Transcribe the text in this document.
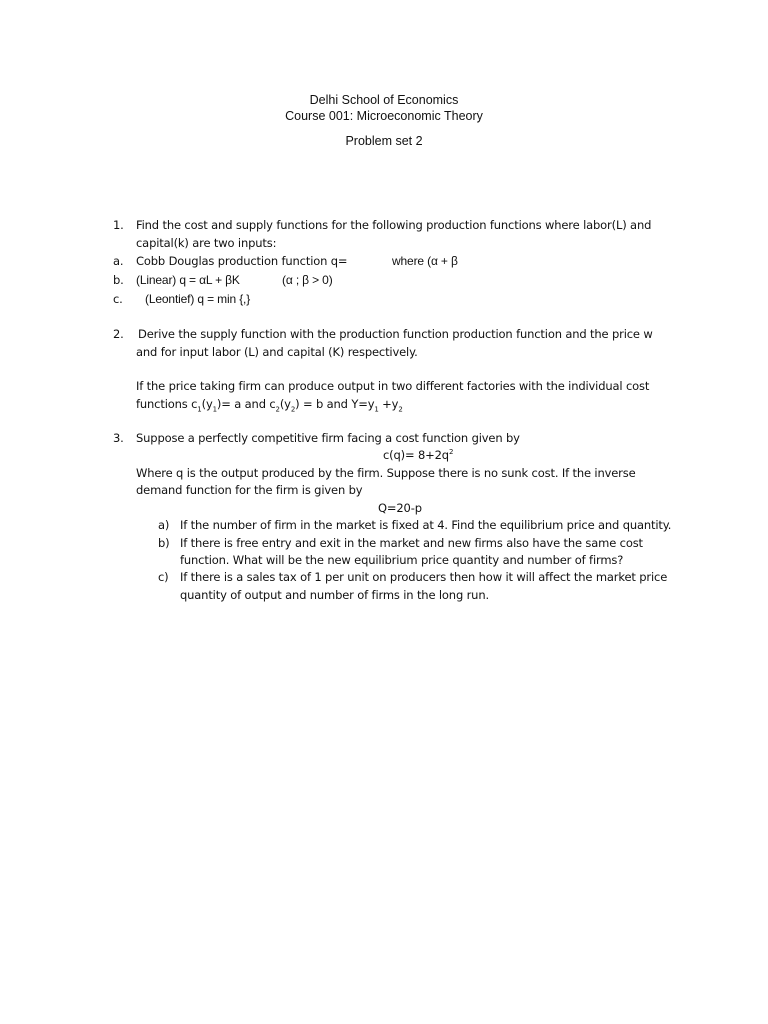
Delhi School of Economics
Course 001: Microeconomic Theory
Problem set 2
1. Find the cost and supply functions for the following production functions where labor(L) and
capital(k) are two inputs:
a. Cobb Douglas production function q=	where (α + β
b. (Linear) q = αL + βK	(α ; β > 0)
c. (Leontief) q = min {,}
2. Derive the supply function with the production function production function and the price w
and for input labor (L) and capital (K) respectively.
If the price taking firm can produce output in two different factories with the individual cost
functions $c_1(y_1)= a$ and $c_2(y_2) = b$ and $Y=y_1 +y_2$
3. Suppose a perfectly competitive firm facing a cost function given by
$c(q)= 8+2q^2$
Where q is the output produced by the firm. Suppose there is no sunk cost. If the inverse
demand function for the firm is given by
Q=20-p
a) If the number of firm in the market is fixed at 4. Find the equilibrium price and quantity.
b) If there is free entry and exit in the market and new firms also have the same cost
function. What will be the new equilibrium price quantity and number of firms?
c) If there is a sales tax of 1 per unit on producers then how it will affect the market price
quantity of output and number of firms in the long run.
